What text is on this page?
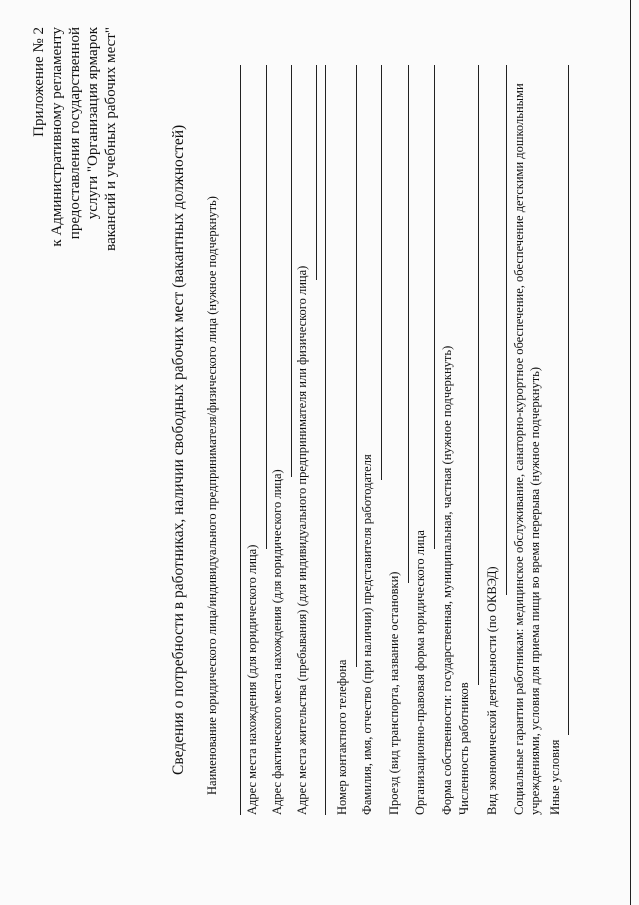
Приложение № 2 к Административному регламенту предоставления государственной услуги "Организация ярмарок вакансий и учебных рабочих мест"	Сведения о потребности в работниках, наличии свободных рабочих мест (вакантных должностей) Наименование юридического лица/индивидуального предпринимателя/физического лица (нужное подчеркнуть) Адрес места нахождения (для юридического лица) Адрес фактического места нахождения (для юридического лица) Адрес места жительства (пребывания) (для индивидуального предпринимателя или физического лица) Номер контактного телефона Фамилия, имя, отчество (при наличии) представителя работодателя Проезд (вид транспорта, название остановки) Организационно-правовая форма юридического лица Форма собственности: государственная, муниципальная, частная (нужное подчеркнуть) Численность работников Вид экономической деятельности (по ОКВЭД) Социальные гарантии работникам: медицинское обслуживание, санаторно-курортное обеспечение, обеспечение детскими дошкольными учреждениями, условия для приема пищи во время перерыва (нужное подчеркнуть) Иные условия
